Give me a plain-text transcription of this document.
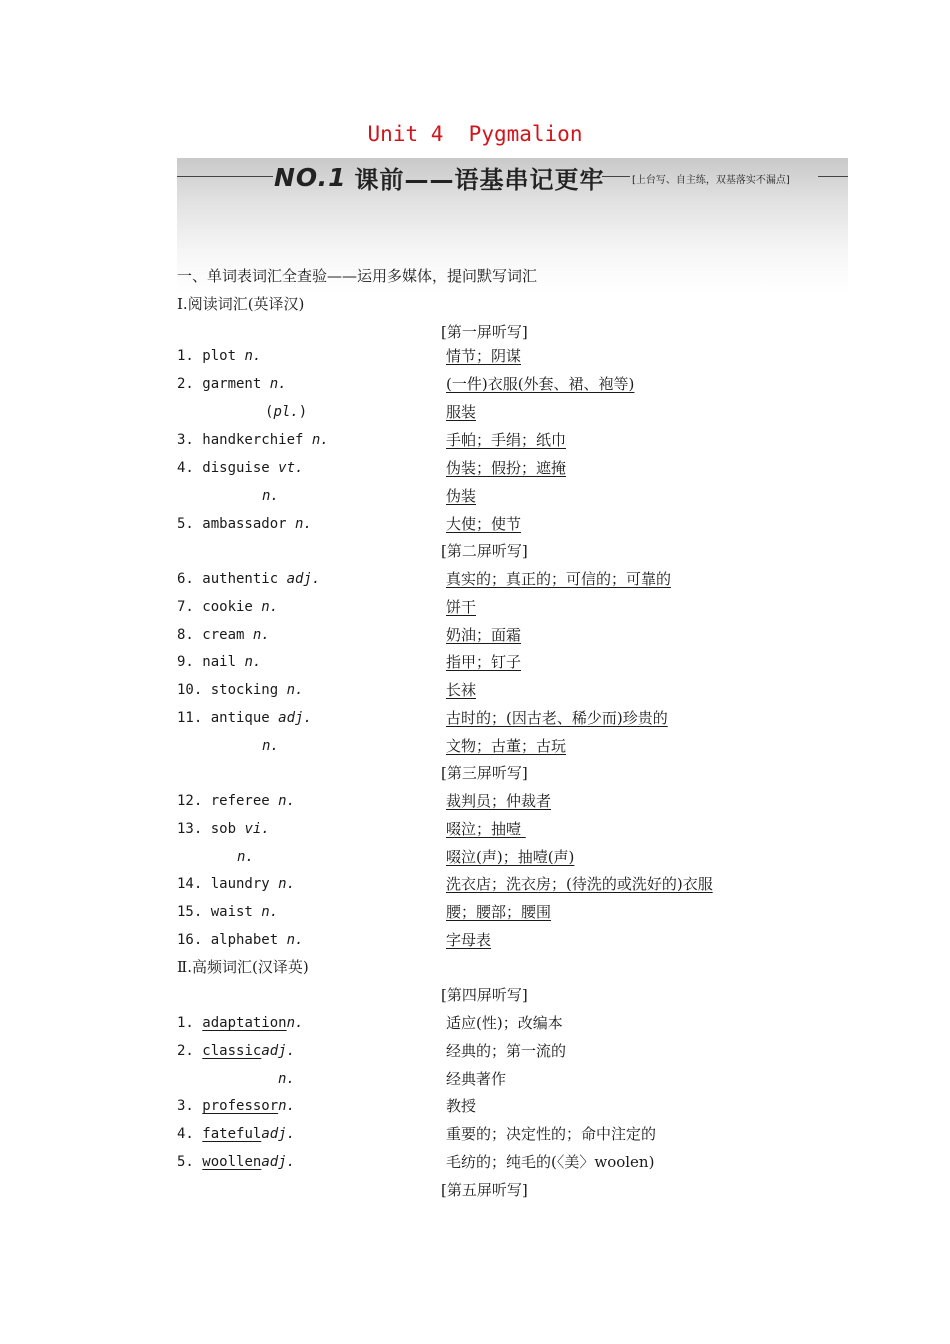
Unit 4  Pygmalion
NO.1 课前——语基串记更牢	[上台写、自主练，双基落实不漏点]
一、单词表词汇全查验——运用多媒体，提问默写词汇
Ⅰ.阅读词汇(英译汉)
[第一屏听写]
1. plot n.	情节；阴谋
2. garment n.	(一件)衣服(外套、裙、袍等)
(pl.)	服装
3. handkerchief n.	手帕；手绢；纸巾
4. disguise vt.	伪装；假扮；遮掩
n.	伪装
5. ambassador n.	大使；使节
[第二屏听写]
6. authentic adj.	真实的；真正的；可信的；可靠的
7. cookie n.	饼干
8. cream n.	奶油；面霜
9. nail n.	指甲；钉子
10. stocking n.	长袜
11. antique adj.	古时的；(因古老、稀少而)珍贵的
n.	文物；古董；古玩
[第三屏听写]
12. referee n.	裁判员；仲裁者
13. sob vi.	啜泣；抽噎
n.	啜泣(声)；抽噎(声)
14. laundry n.	洗衣店；洗衣房；(待洗的或洗好的)衣服
15. waist n.	腰；腰部；腰围
16. alphabet n.	字母表
Ⅱ.高频词汇(汉译英)
[第四屏听写]
1. adaptationn.	适应(性)；改编本
2. classicadj.	经典的；第一流的
n.	经典著作
3. professorn.	教授
4. fatefuladj.	重要的；决定性的；命中注定的
5. woollenadj.	毛纺的；纯毛的(〈美〉woolen)
[第五屏听写]
